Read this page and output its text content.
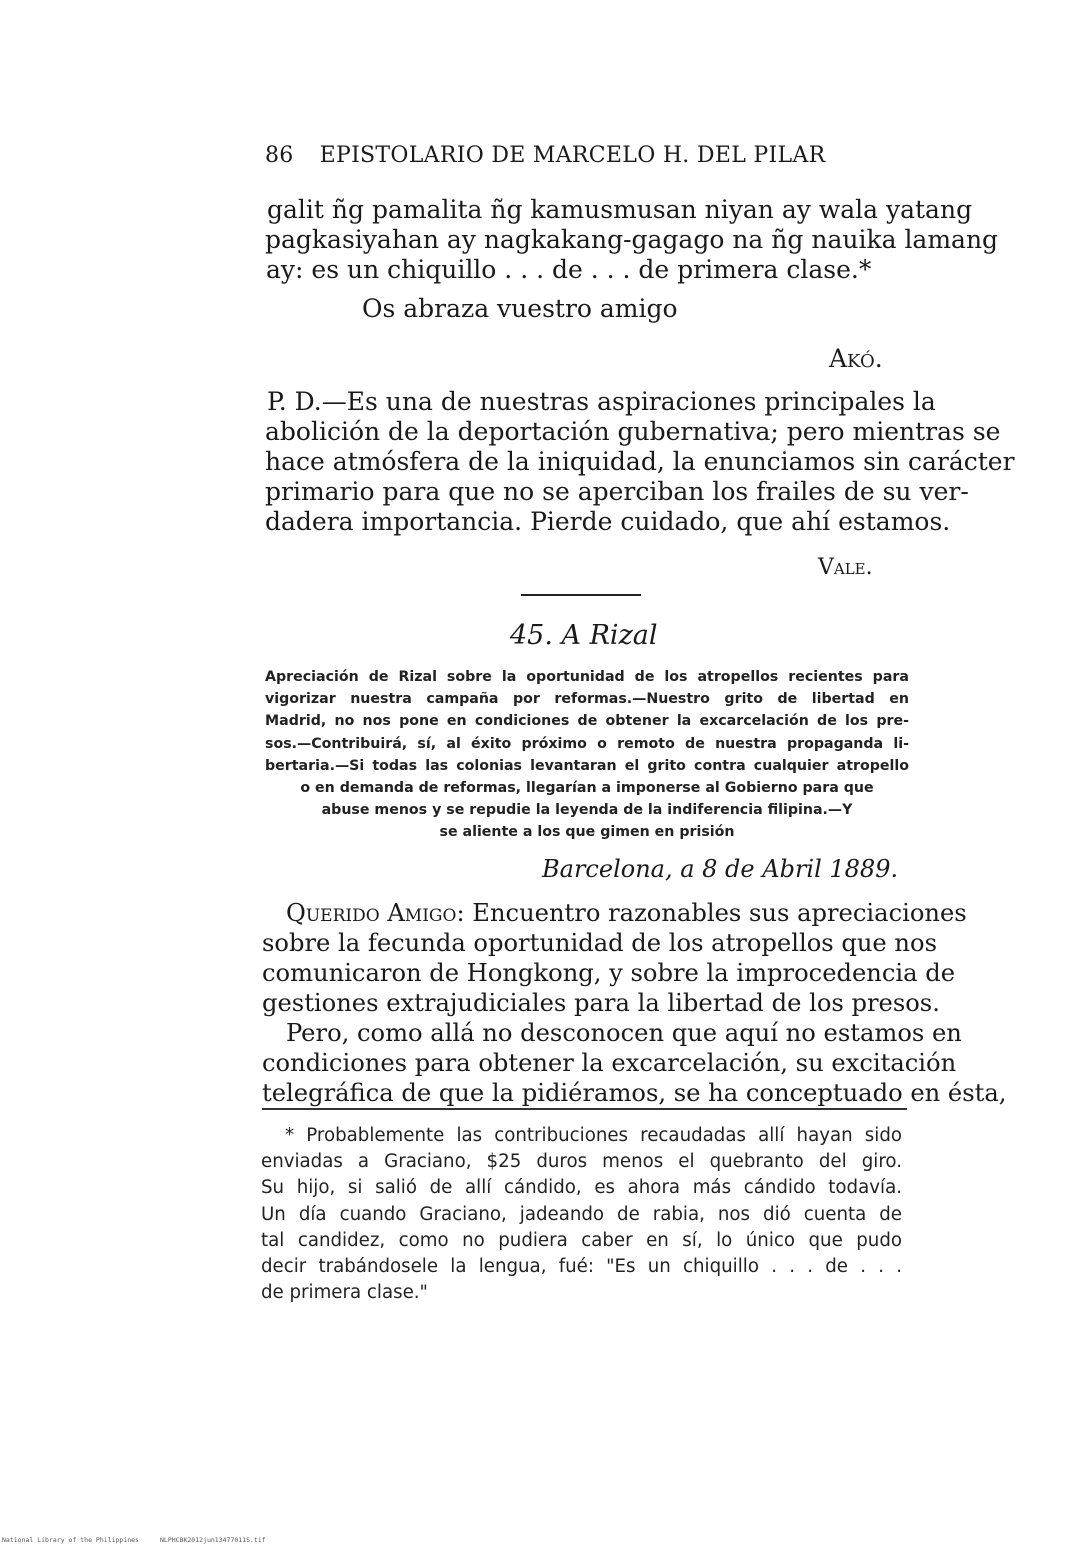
86 EPISTOLARIO DE MARCELO H. DEL PILAR
galit ñg pamalita ñg kamusmusan niyan ay wala yatang
pagkasiyahan ay nagkakang-gagago na ñg nauika lamang
ay: es un chiquillo . . . de . . . de primera clase.*
Os abraza vuestro amigo
Akó.
P. D.—Es una de nuestras aspiraciones principales la
abolición de la deportación gubernativa; pero mientras se
hace atmósfera de la iniquidad, la enunciamos sin carácter
primario para que no se aperciban los frailes de su ver-
dadera importancia. Pierde cuidado, que ahí estamos.
Vale.
45. A Rizal
Apreciación de Rizal sobre la oportunidad de los atropellos recientes para
vigorizar nuestra campaña por reformas.—Nuestro grito de libertad en
Madrid, no nos pone en condiciones de obtener la excarcelación de los pre-
sos.—Contribuirá, sí, al éxito próximo o remoto de nuestra propaganda li-
bertaria.—Si todas las colonias levantaran el grito contra cualquier atropello
o en demanda de reformas, llegarían a imponerse al Gobierno para que
abuse menos y se repudie la leyenda de la indiferencia filipina.—Y
se aliente a los que gimen en prisión
Barcelona, a 8 de Abril 1889.
Querido Amigo: Encuentro razonables sus apreciaciones
sobre la fecunda oportunidad de los atropellos que nos
comunicaron de Hongkong, y sobre la improcedencia de
gestiones extrajudiciales para la libertad de los presos.
Pero, como allá no desconocen que aquí no estamos en
condiciones para obtener la excarcelación, su excitación
telegráfica de que la pidiéramos, se ha conceptuado en ésta,
* Probablemente las contribuciones recaudadas allí hayan sido
enviadas a Graciano, $25 duros menos el quebranto del giro.
Su hijo, si salió de allí cándido, es ahora más cándido todavía.
Un día cuando Graciano, jadeando de rabia, nos dió cuenta de
tal candidez, como no pudiera caber en sí, lo único que pudo
decir trabándosele la lengua, fué: "Es un chiquillo . . . de . . .
de primera clase."
National Library of the Philippines	NLPHCBK2012jun13477011S.tif
